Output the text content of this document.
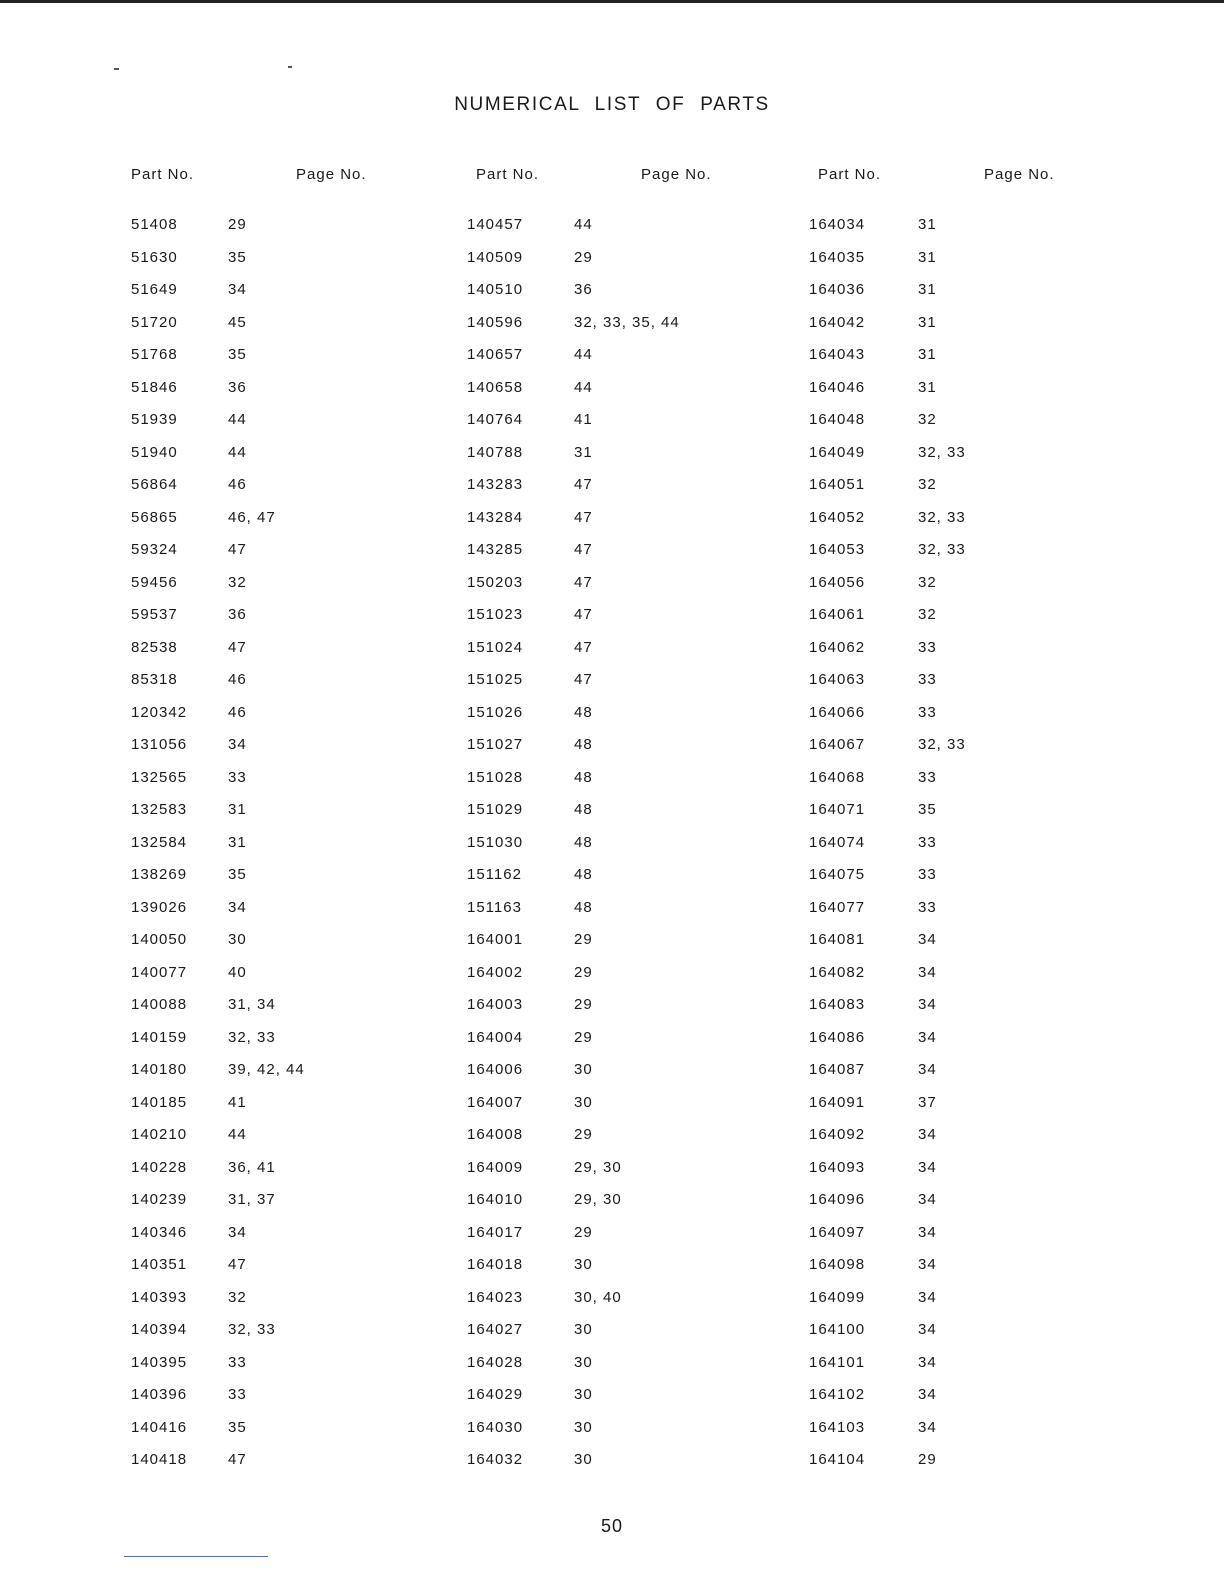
NUMERICAL LIST OF PARTS
Part No.	Page No.
51408	29
51630	35
51649	34
51720	45
51768	35
51846	36
51939	44
51940	44
56864	46
56865	46, 47
59324	47
59456	32
59537	36
82538	47
85318	46
120342	46
131056	34
132565	33
132583	31
132584	31
138269	35
139026	34
140050	30
140077	40
140088	31, 34
140159	32, 33
140180	39, 42, 44
140185	41
140210	44
140228	36, 41
140239	31, 37
140346	34
140351	47
140393	32
140394	32, 33
140395	33
140396	33
140416	35
140418	47
Part No.	Page No.
140457	44
140509	29
140510	36
140596	32, 33, 35, 44
140657	44
140658	44
140764	41
140788	31
143283	47
143284	47
143285	47
150203	47
151023	47
151024	47
151025	47
151026	48
151027	48
151028	48
151029	48
151030	48
151162	48
151163	48
164001	29
164002	29
164003	29
164004	29
164006	30
164007	30
164008	29
164009	29, 30
164010	29, 30
164017	29
164018	30
164023	30, 40
164027	30
164028	30
164029	30
164030	30
164032	30
Part No.	Page No.
164034	31
164035	31
164036	31
164042	31
164043	31
164046	31
164048	32
164049	32, 33
164051	32
164052	32, 33
164053	32, 33
164056	32
164061	32
164062	33
164063	33
164066	33
164067	32, 33
164068	33
164071	35
164074	33
164075	33
164077	33
164081	34
164082	34
164083	34
164086	34
164087	34
164091	37
164092	34
164093	34
164096	34
164097	34
164098	34
164099	34
164100	34
164101	34
164102	34
164103	34
164104	29
50
